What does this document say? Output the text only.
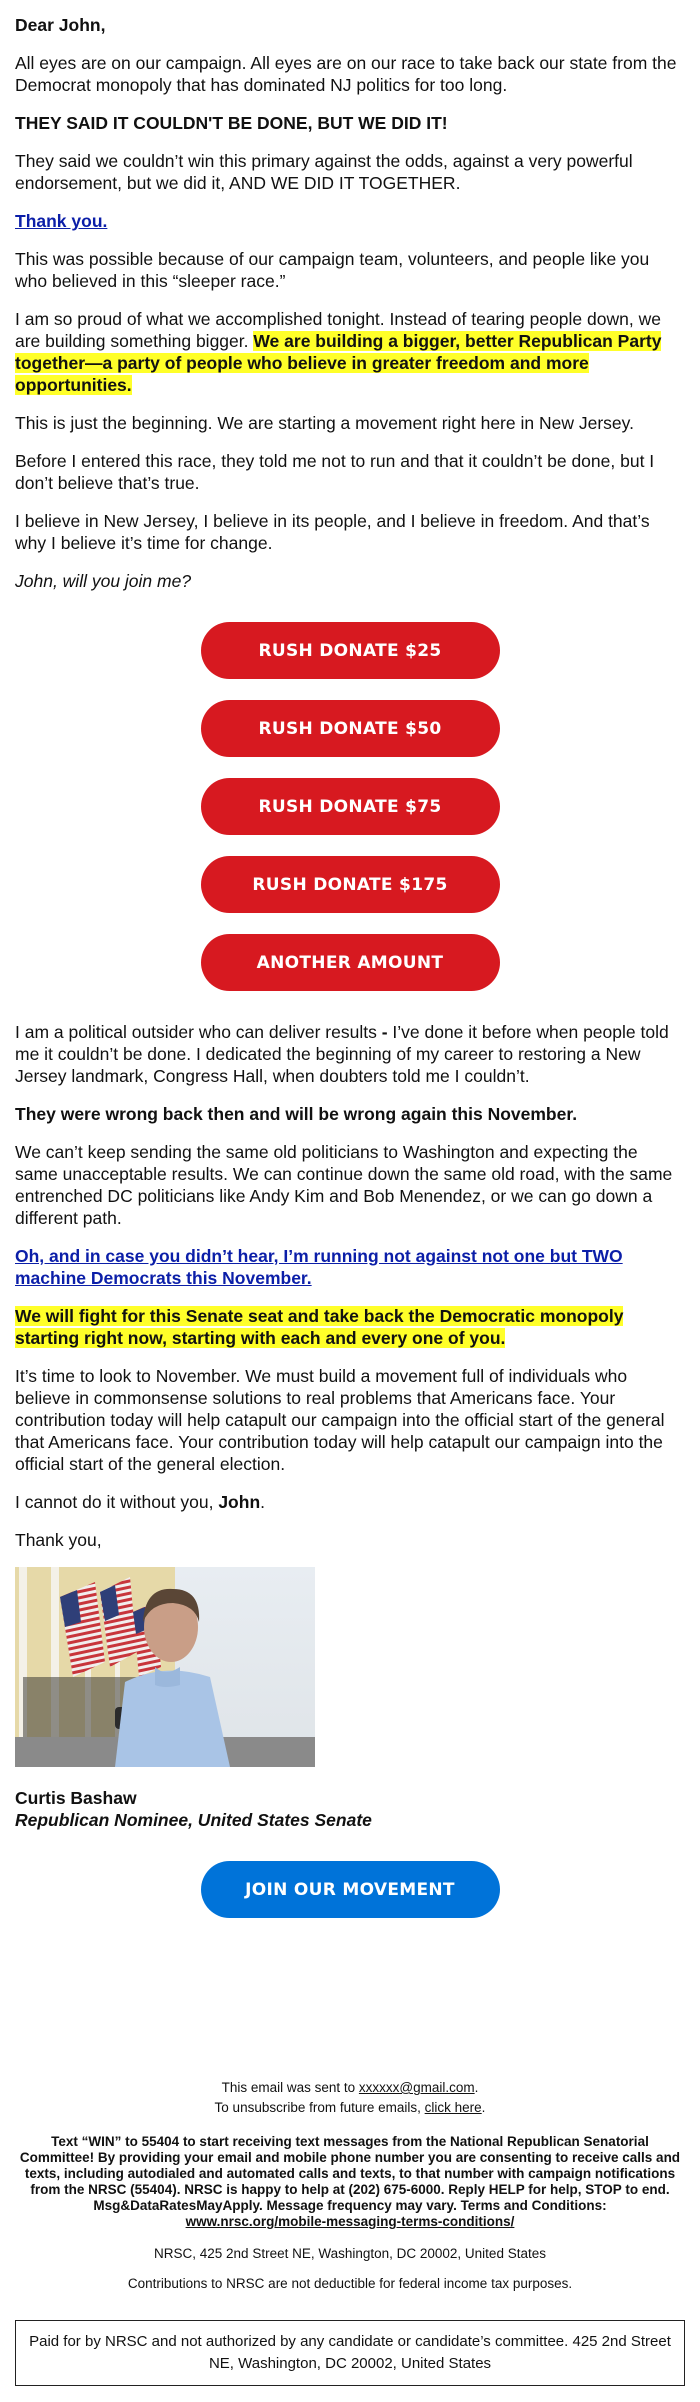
Dear John,

All eyes are on our campaign. All eyes are on our race to take back our state from the Democrat monopoly that has dominated NJ politics for too long.

THEY SAID IT COULDN'T BE DONE, BUT WE DID IT!

They said we couldn’t win this primary against the odds, against a very powerful endorsement, but we did it, AND WE DID IT TOGETHER.

Thank you.

This was possible because of our campaign team, volunteers, and people like you who believed in this “sleeper race.”

I am so proud of what we accomplished tonight. Instead of tearing people down, we are building something bigger. We are building a bigger, better Republican Party together—a party of people who believe in greater freedom and more opportunities.

This is just the beginning. We are starting a movement right here in New Jersey.

Before I entered this race, they told me not to run and that it couldn’t be done, but I don’t believe that’s true.

I believe in New Jersey, I believe in its people, and I believe in freedom. And that’s why I believe it’s time for change.

John, will you join me?

RUSH DONATE $25
RUSH DONATE $50
RUSH DONATE $75
RUSH DONATE $175
ANOTHER AMOUNT

I am a political outsider who can deliver results - I’ve done it before when people told me it couldn’t be done. I dedicated the beginning of my career to restoring a New Jersey landmark, Congress Hall, when doubters told me I couldn’t.

They were wrong back then and will be wrong again this November.

We can’t keep sending the same old politicians to Washington and expecting the same unacceptable results. We can continue down the same old road, with the same entrenched DC politicians like Andy Kim and Bob Menendez, or we can go down a different path.

Oh, and in case you didn’t hear, I’m running not against not one but TWO machine Democrats this November.

We will fight for this Senate seat and take back the Democratic monopoly starting right now, starting with each and every one of you.

It’s time to look to November. We must build a movement full of individuals who believe in commonsense solutions to real problems that Americans face. Your contribution today will help catapult our campaign into the official start of the general that Americans face. Your contribution today will help catapult our campaign into the official start of the general election.

I cannot do it without you, John.

Thank you,

Curtis Bashaw

Republican Nominee, United States Senate

JOIN OUR MOVEMENT

This email was sent to xxxxxx@gmail.com.

To unsubscribe from future emails, click here.

Text “WIN” to 55404 to start receiving text messages from the National Republican Senatorial Committee! By providing your email and mobile phone number you are consenting to receive calls and texts, including autodialed and automated calls and texts, to that number with campaign notifications from the NRSC (55404). NRSC is happy to help at (202) 675-6000. Reply HELP for help, STOP to end. Msg&DataRatesMayApply. Message frequency may vary. Terms and Conditions:
www.nrsc.org/mobile-messaging-terms-conditions/

NRSC, 425 2nd Street NE, Washington, DC 20002, United States

Contributions to NRSC are not deductible for federal income tax purposes.

Paid for by NRSC and not authorized by any candidate or candidate’s committee. 425 2nd Street NE, Washington, DC 20002, United States
